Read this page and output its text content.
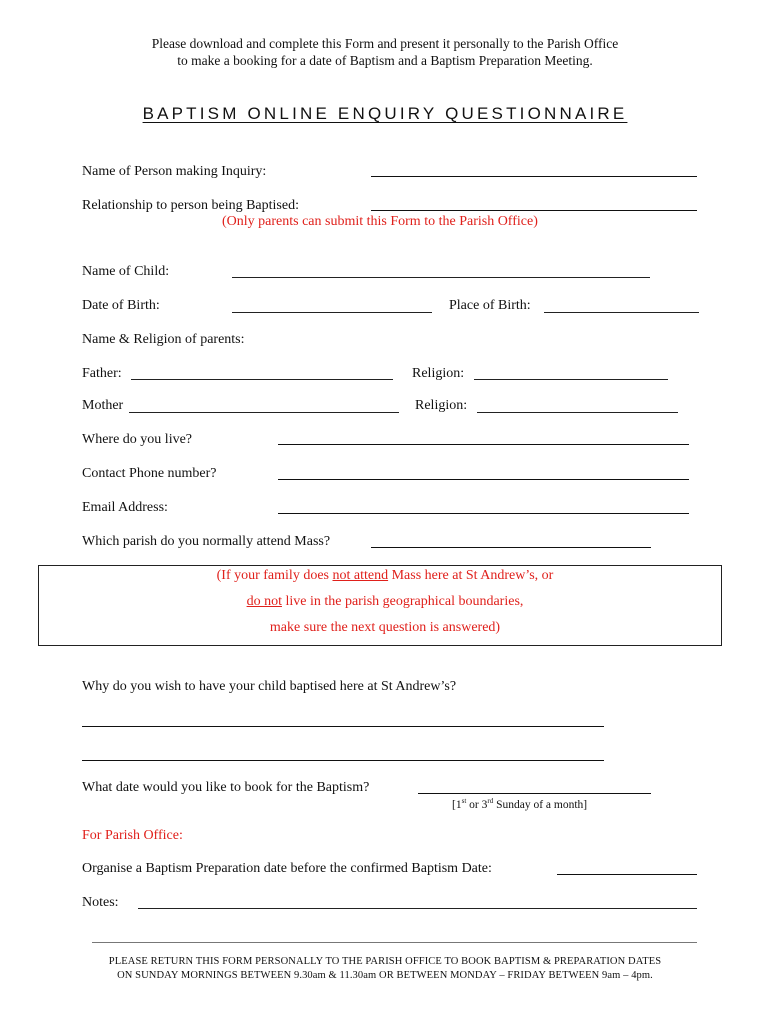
Please download and complete this Form and present it personally to the Parish Office
to make a booking for a date of Baptism and a Baptism Preparation Meeting.
BAPTISM ONLINE ENQUIRY QUESTIONNAIRE
Name of Person making Inquiry:
Relationship to person being Baptised:
(Only parents can submit this Form to the Parish Office)
Name of Child:
Date of Birth:	Place of Birth:
Name & Religion of parents:
Father:	Religion:
Mother	Religion:
Where do you live?
Contact Phone number?
Email Address:
Which parish do you normally attend Mass?
(If your family does not attend Mass here at St Andrew’s, or
do not live in the parish geographical boundaries,
make sure the next question is answered)
Why do you wish to have your child baptised here at St Andrew’s?
What date would you like to book for the Baptism?
[1st or 3rd Sunday of a month]
For Parish Office:
Organise a Baptism Preparation date before the confirmed Baptism Date:
Notes:
PLEASE RETURN THIS FORM PERSONALLY TO THE PARISH OFFICE TO BOOK BAPTISM & PREPARATION DATES
ON SUNDAY MORNINGS BETWEEN 9.30am & 11.30am OR BETWEEN MONDAY – FRIDAY BETWEEN 9am – 4pm.
